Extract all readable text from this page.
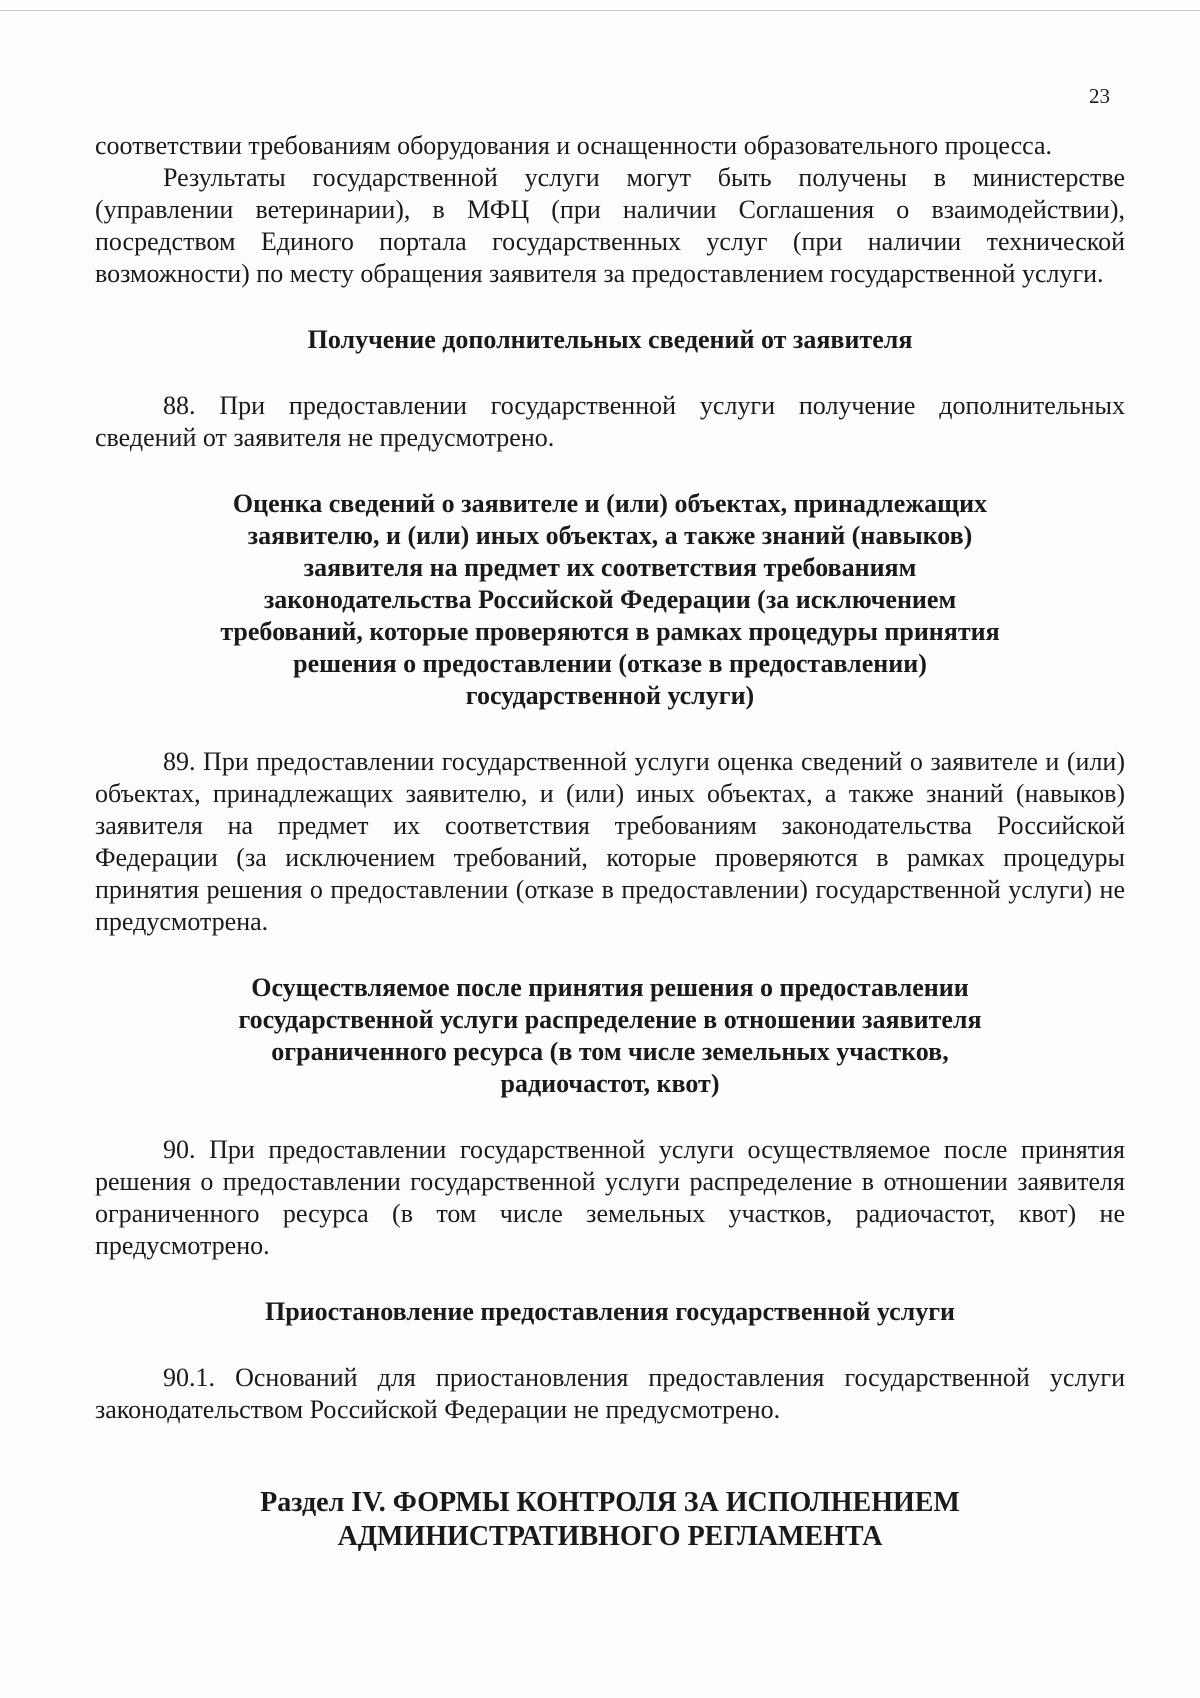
23

соответствии требованиям оборудования и оснащенности образовательного процесса.

Результаты государственной услуги могут быть получены в министерстве (управлении ветеринарии), в МФЦ (при наличии Соглашения о взаимодействии), посредством Единого портала государственных услуг (при наличии технической возможности) по месту обращения заявителя за предоставлением государственной услуги.

Получение дополнительных сведений от заявителя

88. При предоставлении государственной услуги получение дополнительных сведений от заявителя не предусмотрено.

Оценка сведений о заявителе и (или) объектах, принадлежащих заявителю, и (или) иных объектах, а также знаний (навыков) заявителя на предмет их соответствия требованиям законодательства Российской Федерации (за исключением требований, которые проверяются в рамках процедуры принятия решения о предоставлении (отказе в предоставлении) государственной услуги)

89. При предоставлении государственной услуги оценка сведений о заявителе и (или) объектах, принадлежащих заявителю, и (или) иных объектах, а также знаний (навыков) заявителя на предмет их соответствия требованиям законодательства Российской Федерации (за исключением требований, которые проверяются в рамках процедуры принятия решения о предоставлении (отказе в предоставлении) государственной услуги) не предусмотрена.

Осуществляемое после принятия решения о предоставлении государственной услуги распределение в отношении заявителя ограниченного ресурса (в том числе земельных участков, радиочастот, квот)

90. При предоставлении государственной услуги осуществляемое после принятия решения о предоставлении государственной услуги распределение в отношении заявителя ограниченного ресурса (в том числе земельных участков, радиочастот, квот) не предусмотрено.

Приостановление предоставления государственной услуги

90.1. Оснований для приостановления предоставления государственной услуги законодательством Российской Федерации не предусмотрено.

Раздел IV. ФОРМЫ КОНТРОЛЯ ЗА ИСПОЛНЕНИЕМ АДМИНИСТРАТИВНОГО РЕГЛАМЕНТА
